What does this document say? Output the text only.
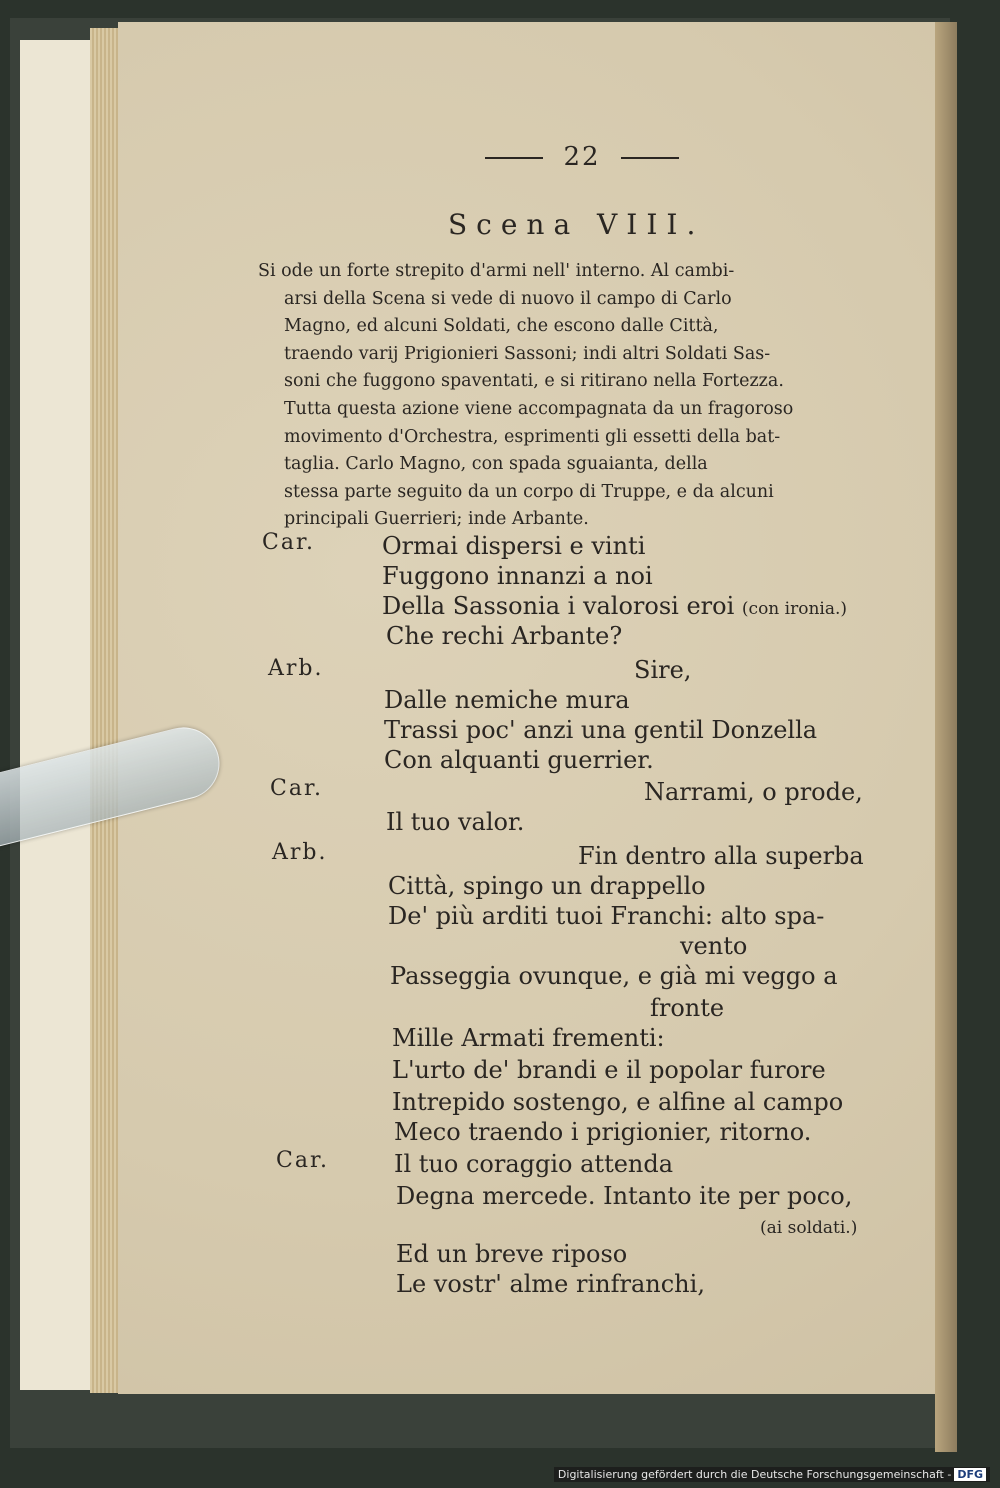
22
Scena VIII.
Si ode un forte strepito d'armi nell' interno. Al cambi-
arsi della Scena si vede di nuovo il campo di Carlo
Magno, ed alcuni Soldati, che escono dalle Città,
traendo varij Prigionieri Sassoni; indi altri Soldati Sas-
soni che fuggono spaventati, e si ritirano nella Fortezza.
Tutta questa azione viene accompagnata da un fragoroso
movimento d'Orchestra, esprimenti gli essetti della bat-
taglia. Carlo Magno, con spada sguaianta, della
stessa parte seguito da un corpo di Truppe, e da alcuni
principali Guerrieri; inde Arbante.
Car.	Ormai dispersi e vinti
Fuggono innanzi a noi
Della Sassonia i valorosi eroi (con ironia.)
Che rechi Arbante?
Arb.	Sire,
Dalle nemiche mura
Trassi poc' anzi una gentil Donzella
Con alquanti guerrier.
Car.	Narrami, o prode,
Il tuo valor.
Arb.	Fin dentro alla superba
Città, spingo un drappello
De' più arditi tuoi Franchi: alto spa-
vento
Passeggia ovunque, e già mi veggo a
fronte
Mille Armati frementi:
L'urto de' brandi e il popolar furore
Intrepido sostengo, e alfine al campo
Meco traendo i prigionier, ritorno.
Car.	Il tuo coraggio attenda
Degna mercede. Intanto ite per poco,
(ai soldati.)
Ed un breve riposo
Le vostr' alme rinfranchi,
Digitalisierung gefördert durch die Deutsche Forschungsgemeinschaft - DFG
